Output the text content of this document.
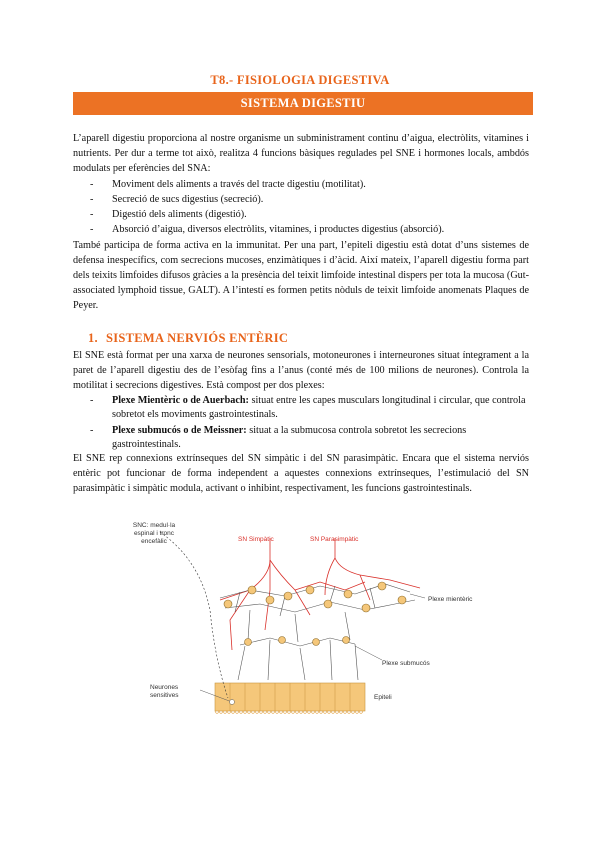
T8.- FISIOLOGIA DIGESTIVA
SISTEMA DIGESTIU
L’aparell digestiu proporciona al nostre organisme un subministrament continu d’aigua, electròlits, vitamines i nutrients. Per dur a terme tot això, realitza 4 funcions bàsiques regulades pel SNE i hormones locals, ambdós modulats per eferències del SNA:
- Moviment dels aliments a través del tracte digestiu (motilitat).
- Secreció de sucs digestius (secreció).
- Digestió dels aliments (digestió).
- Absorció d’aigua, diversos electròlits, vitamines, i productes digestius (absorció).
També participa de forma activa en la immunitat. Per una part, l’epiteli digestiu està dotat d’uns sistemes de defensa inespecífics, com secrecions mucoses, enzimàtiques i d’àcid. Així mateix, l’aparell digestiu forma part dels teixits limfoides difusos gràcies a la presència del teixit limfoide intestinal dispers per tota la mucosa (Gut-associated lymphoid tissue, GALT). A l’intestí es formen petits nòduls de teixit limfoide anomenats Plaques de Peyer.
1. SISTEMA NERVIÓS ENTÈRIC
El SNE està format per una xarxa de neurones sensorials, motoneurones i interneurones situat íntegrament a la paret de l’aparell digestiu des de l’esòfag fins a l’anus (conté més de 100 milions de neurones). Controla la motilitat i secrecions digestives. Està compost per dos plexes:
- Plexe Mientèric o de Auerbach: situat entre les capes musculars longitudinal i circular, que controla sobretot els moviments gastrointestinals.
- Plexe submucós o de Meissner: situat a la submucosa controla sobretot les secrecions gastrointestinals.
El SNE rep connexions extrínseques del SN simpàtic i del SN parasimpàtic. Encara que el sistema nerviós entèric pot funcionar de forma independent a aquestes connexions extrínseques, l’estimulació del SN parasimpàtic i simpàtic modula, activant o inhibint, respectivament, les funcions gastrointestinals.
SNC: medul·la espinal i tronc encefàlic	SN Simpàtic	SN Parasimpàtic
Plexe mientèric
Plexe submucós
Epiteli
Neurones sensitives
